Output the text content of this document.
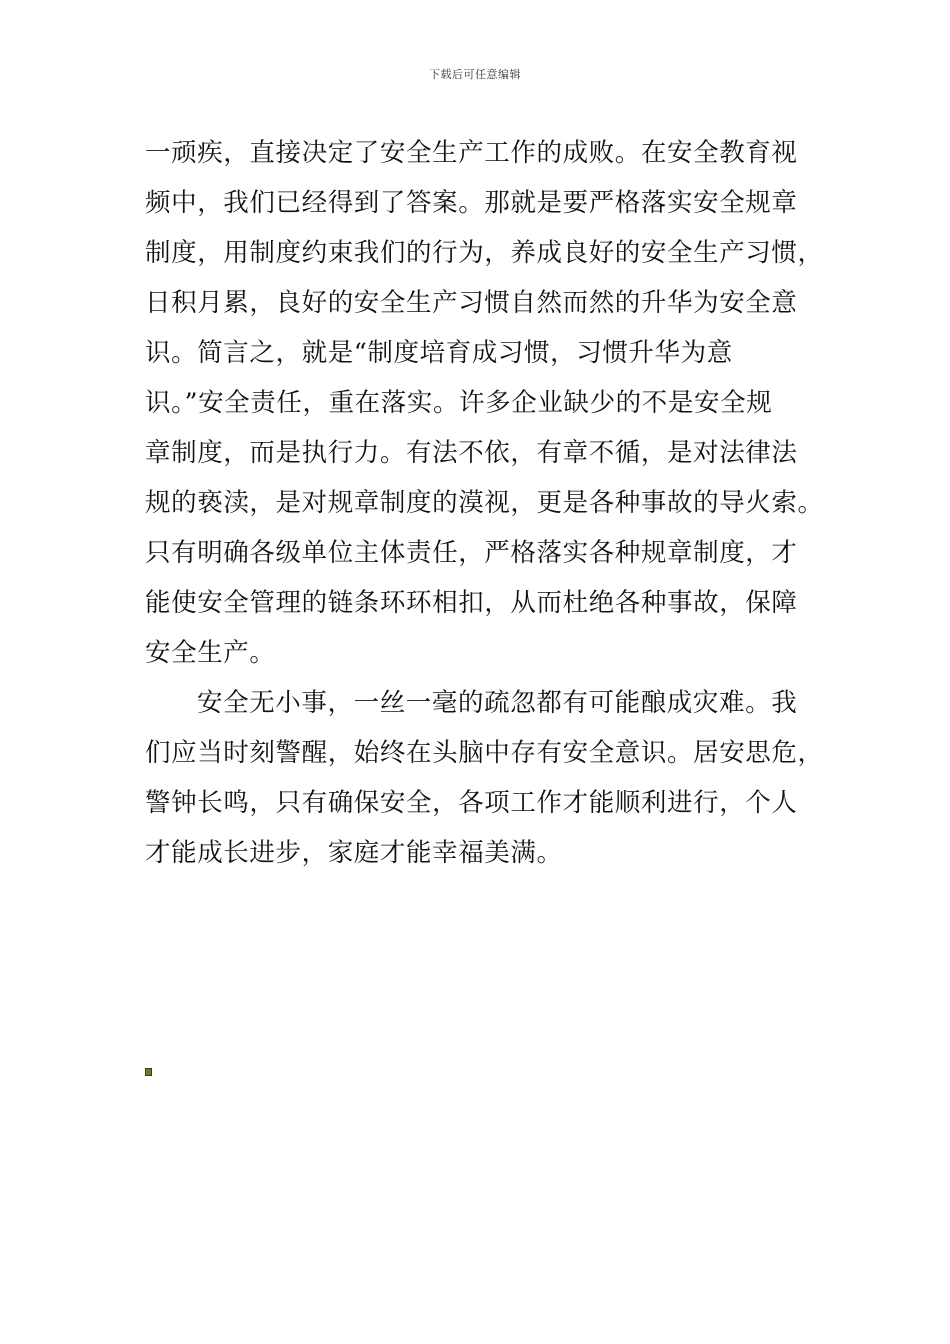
下载后可任意编辑
一顽疾，直接决定了安全生产工作的成败。在安全教育视
频中，我们已经得到了答案。那就是要严格落实安全规章
制度，用制度约束我们的行为，养成良好的安全生产习惯，
日积月累，良好的安全生产习惯自然而然的升华为安全意
识。简言之，就是“制度培育成习惯，习惯升华为意
识。”安全责任，重在落实。许多企业缺少的不是安全规
章制度，而是执行力。有法不依，有章不循，是对法律法
规的亵渎，是对规章制度的漠视，更是各种事故的导火索。
只有明确各级单位主体责任，严格落实各种规章制度，才
能使安全管理的链条环环相扣，从而杜绝各种事故，保障
安全生产。
安全无小事，一丝一毫的疏忽都有可能酿成灾难。我
们应当时刻警醒，始终在头脑中存有安全意识。居安思危，
警钟长鸣，只有确保安全，各项工作才能顺利进行，个人
才能成长进步，家庭才能幸福美满。
